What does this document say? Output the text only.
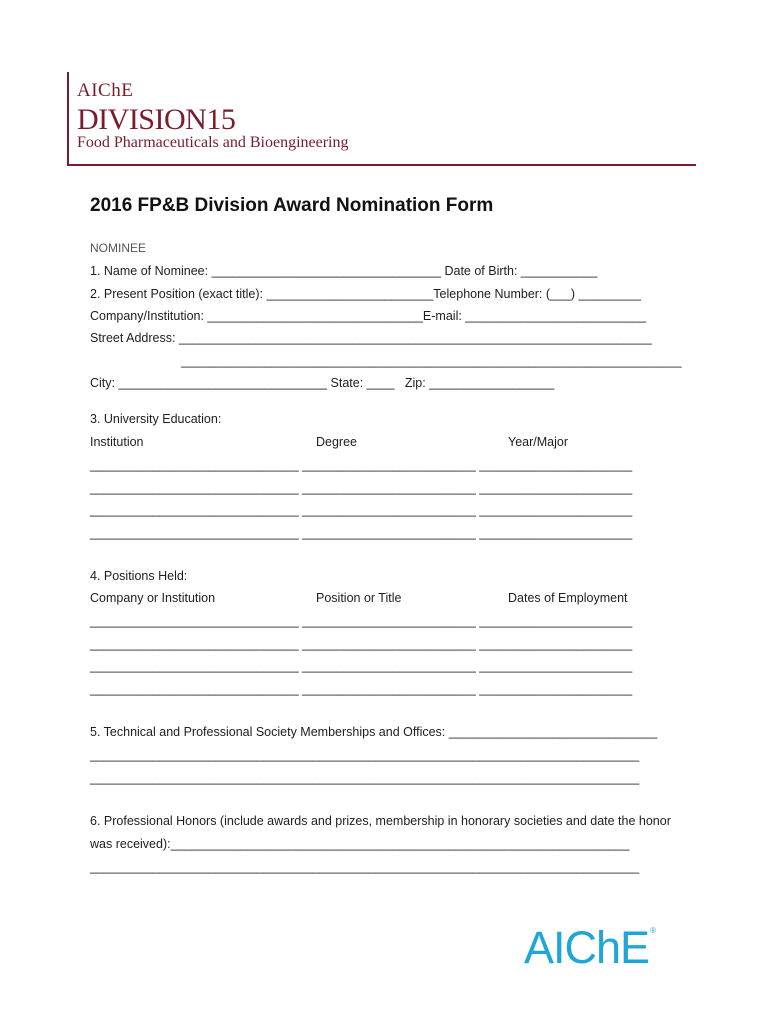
AIChE
DIVISION15
Food Pharmaceuticals and Bioengineering
2016 FP&B Division Award Nomination Form
NOMINEE
1. Name of Nominee: _________________________________ Date of Birth: ___________
2. Present Position (exact title): ________________________Telephone Number: (___) _________
Company/Institution: _______________________________E-mail: __________________________
Street Address: ____________________________________________________________________
________________________________________________________________________
City: ______________________________ State: ____   Zip: __________________
3. University Education:
Institution	Degree	Year/Major
______________________________ _________________________ ______________________
______________________________ _________________________ ______________________
______________________________ _________________________ ______________________
______________________________ _________________________ ______________________
4. Positions Held:
Company or Institution	Position or Title	Dates of Employment
______________________________ _________________________ ______________________
______________________________ _________________________ ______________________
______________________________ _________________________ ______________________
______________________________ _________________________ ______________________
5. Technical and Professional Society Memberships and Offices: ______________________________
_______________________________________________________________________________
_______________________________________________________________________________
6. Professional Honors (include awards and prizes, membership in honorary societies and date the honor
was received):__________________________________________________________________
_______________________________________________________________________________
AIChE®
